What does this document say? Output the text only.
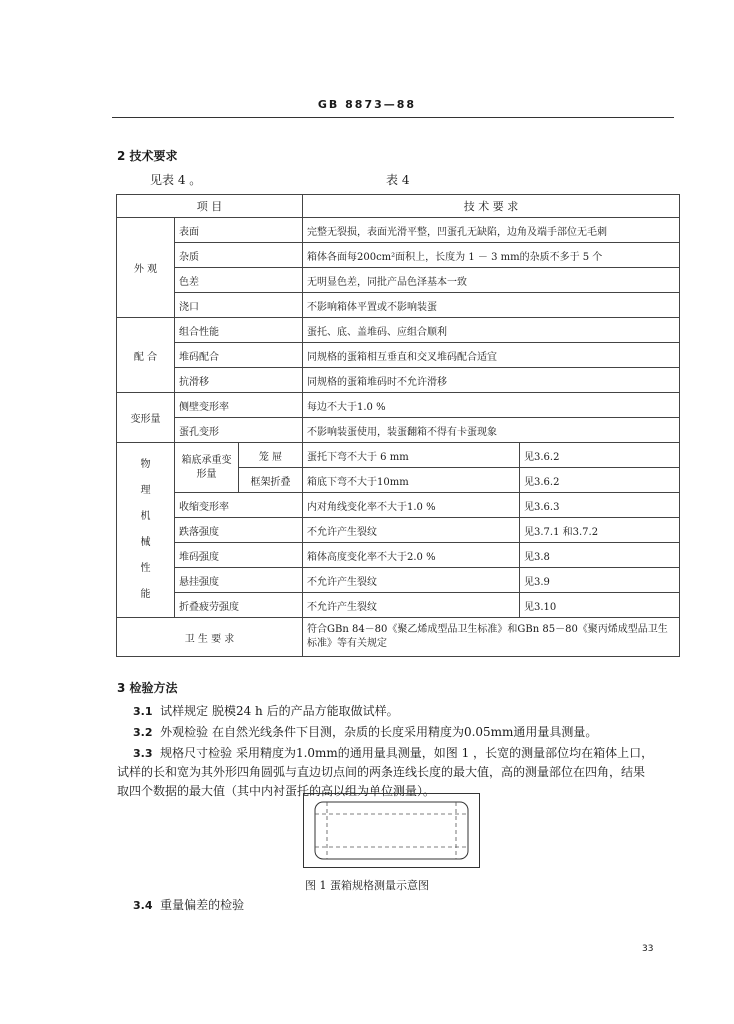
GB 8873—88
2 技术要求
见表 4 。	表 4
项 目			技 术 要 求	
外 观	表面		完整无裂损，表面光滑平整，凹蛋孔无缺陷，边角及端手部位无毛刺	
	杂质		箱体各面每200cm²面积上，长度为 1 － 3 mm的杂质不多于 5 个	
	色差		无明显色差，同批产品色泽基本一致	
	浇口		不影响箱体平置或不影响装蛋	
配 合	组合性能		蛋托、底、盖堆码、应组合顺利	
	堆码配合		同规格的蛋箱相互垂直和交叉堆码配合适宜	
	抗滑移		同规格的蛋箱堆码时不允许滑移	
变形量	侧壁变形率		每边不大于1.0 %	
	蛋孔变形		不影响装蛋使用，装蛋翻箱不得有卡蛋现象	
物理机械性能	箱底承重变形量	笼 屉	蛋托下弯不大于 6 mm	见3.6.2
		框架折叠	箱底下弯不大于10mm	见3.6.2
	收缩变形率		内对角线变化率不大于1.0 %	见3.6.3
	跌落强度		不允许产生裂纹	见3.7.1 和3.7.2
	堆码强度		箱体高度变化率不大于2.0 %	见3.8
	悬挂强度		不允许产生裂纹	见3.9
	折叠疲劳强度		不允许产生裂纹	见3.10
卫 生 要 求			符合GBn 84－80《聚乙烯成型品卫生标准》和GBn 85－80《聚丙烯成型品卫生标准》等有关规定	
3 检验方法
3.1 试样规定 脱模24 h 后的产品方能取做试样。
3.2 外观检验 在自然光线条件下目测，杂质的长度采用精度为0.05mm通用量具测量。
3.3 规格尺寸检验 采用精度为1.0mm的通用量具测量，如图 1 ，长宽的测量部位均在箱体上口，
试样的长和宽为其外形四角圆弧与直边切点间的两条连线长度的最大值，高的测量部位在四角，结果
取四个数据的最大值（其中内衬蛋托的高以组为单位测量）。
图 1 蛋箱规格测量示意图
3.4 重量偏差的检验
33
